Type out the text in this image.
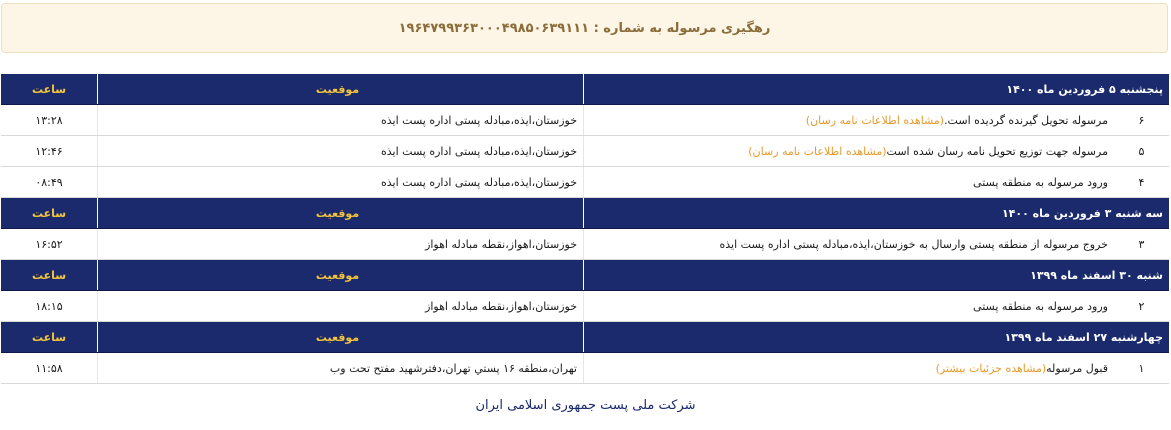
رهگیری مرسوله به شماره : ۱۹۶۴۷۹۹۳۶۳۰۰۰۴۹۸۵۰۶۳۹۱۱۱
پنجشنبه ۵ فروردین ماه ۱۴۰۰
موقعیت
ساعت
۶
مرسوله تحویل گیرنده گردیده است.(مشاهده اطلاعات نامه رسان)
خوزستان،ایذه،مبادله پستی اداره پست ایذه
۱۳:۲۸
۵
مرسوله جهت توزیع تحویل نامه رسان شده است(مشاهده اطلاعات نامه رسان)
خوزستان،ایذه،مبادله پستی اداره پست ایذه
۱۲:۴۶
۴
ورود مرسوله به منطقه پستی
خوزستان،ایذه،مبادله پستی اداره پست ایذه
۰۸:۴۹
سه شنبه ۳ فروردین ماه ۱۴۰۰
موقعیت
ساعت
۳
خروج مرسوله از منطقه پستی وارسال به خوزستان،ایذه،مبادله پستی اداره پست ایذه
خوزستان،اهواز،نقطه مبادله اهواز
۱۶:۵۲
شنبه ۳۰ اسفند ماه ۱۳۹۹
موقعیت
ساعت
۲
ورود مرسوله به منطقه پستی
خوزستان،اهواز،نقطه مبادله اهواز
۱۸:۱۵
چهارشنبه ۲۷ اسفند ماه ۱۳۹۹
موقعیت
ساعت
۱
قبول مرسوله(مشاهده جزئیات بیشتر)
تهران،منطقه ۱۶ پستي تهران،دفترشهید مفتح تحت وب
۱۱:۵۸
شرکت ملی پست جمهوری اسلامی ایران
